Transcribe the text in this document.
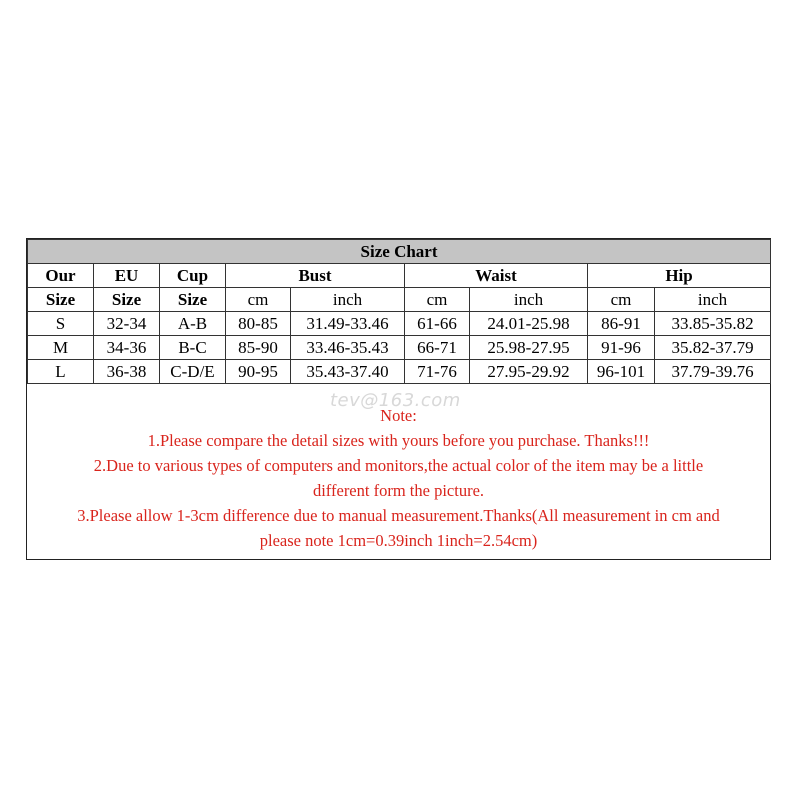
Size Chart								
Our	EU	Cup	Bust		Waist		Hip	
Size	Size	Size	cm	inch	cm	inch	cm	inch
S	32-34	A-B	80-85	31.49-33.46	61-66	24.01-25.98	86-91	33.85-35.82
M	34-36	B-C	85-90	33.46-35.43	66-71	25.98-27.95	91-96	35.82-37.79
L	36-38	C-D/E	90-95	35.43-37.40	71-76	27.95-29.92	96-101	37.79-39.76
Note:
1.Please compare the detail sizes with yours before you purchase. Thanks!!!
2.Due to various types of computers and monitors,the actual color of the item may be a little
different form the picture.
3.Please allow 1-3cm difference due to manual measurement.Thanks(All measurement in cm and
please note 1cm=0.39inch 1inch=2.54cm)
tev@163.com
